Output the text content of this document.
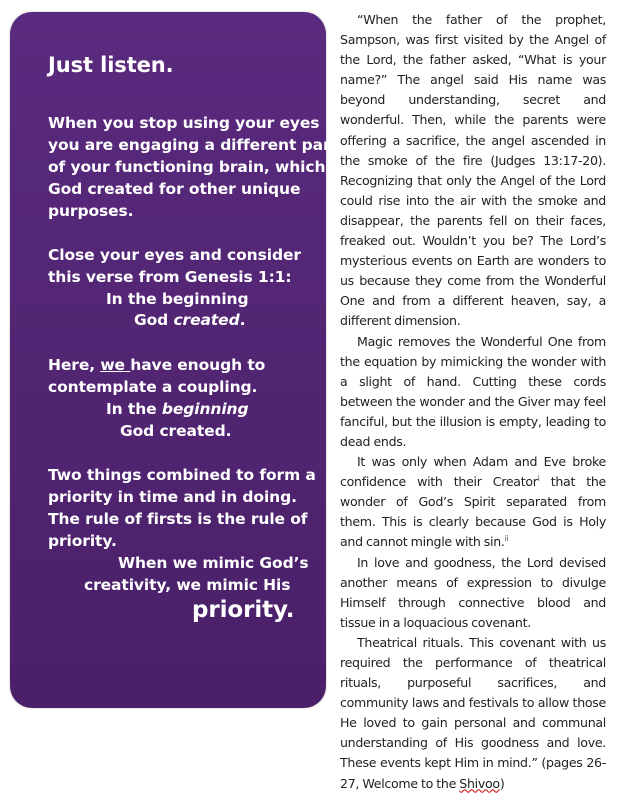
Just listen.

When you stop using your eyes

you are engaging a different part

of your functioning brain, which

God created for other unique

purposes.

Close your eyes and consider

this verse from Genesis 1:1:

In the beginning

God created.

Here, we have enough to

contemplate a coupling.

In the beginning

God created.

Two things combined to form a

priority in time and in doing.

The rule of firsts is the rule of

priority.

When we mimic God’s

creativity, we mimic His

priority.

“When the father of the prophet, Sampson, was first visited by the Angel of the Lord, the father asked, “What is your name?” The angel said His name was beyond understanding, secret and wonderful. Then, while the parents were offering a sacrifice, the angel ascended in the smoke of the fire (Judges 13:17-20). Recognizing that only the Angel of the Lord could rise into the air with the smoke and disappear, the parents fell on their faces, freaked out. Wouldn’t you be? The Lord’s mysterious events on Earth are wonders to us because they come from the Wonderful One and from a different heaven, say, a different dimension.

Magic removes the Wonderful One from the equation by mimicking the wonder with a slight of hand. Cutting these cords between the wonder and the Giver may feel fanciful, but the illusion is empty, leading to dead ends.

It was only when Adam and Eve broke confidence with their Creator$^i$ that the wonder of God’s Spirit separated from them. This is clearly because God is Holy and cannot mingle with sin.$^{ii}$

In love and goodness, the Lord devised another means of expression to divulge Himself through connective blood and tissue in a loquacious covenant.

Theatrical rituals. This covenant with us required the performance of theatrical rituals, purposeful sacrifices, and community laws and festivals to allow those He loved to gain personal and communal understanding of His goodness and love. These events kept Him in mind.” (pages 26-27, Welcome to the Shivoo)
